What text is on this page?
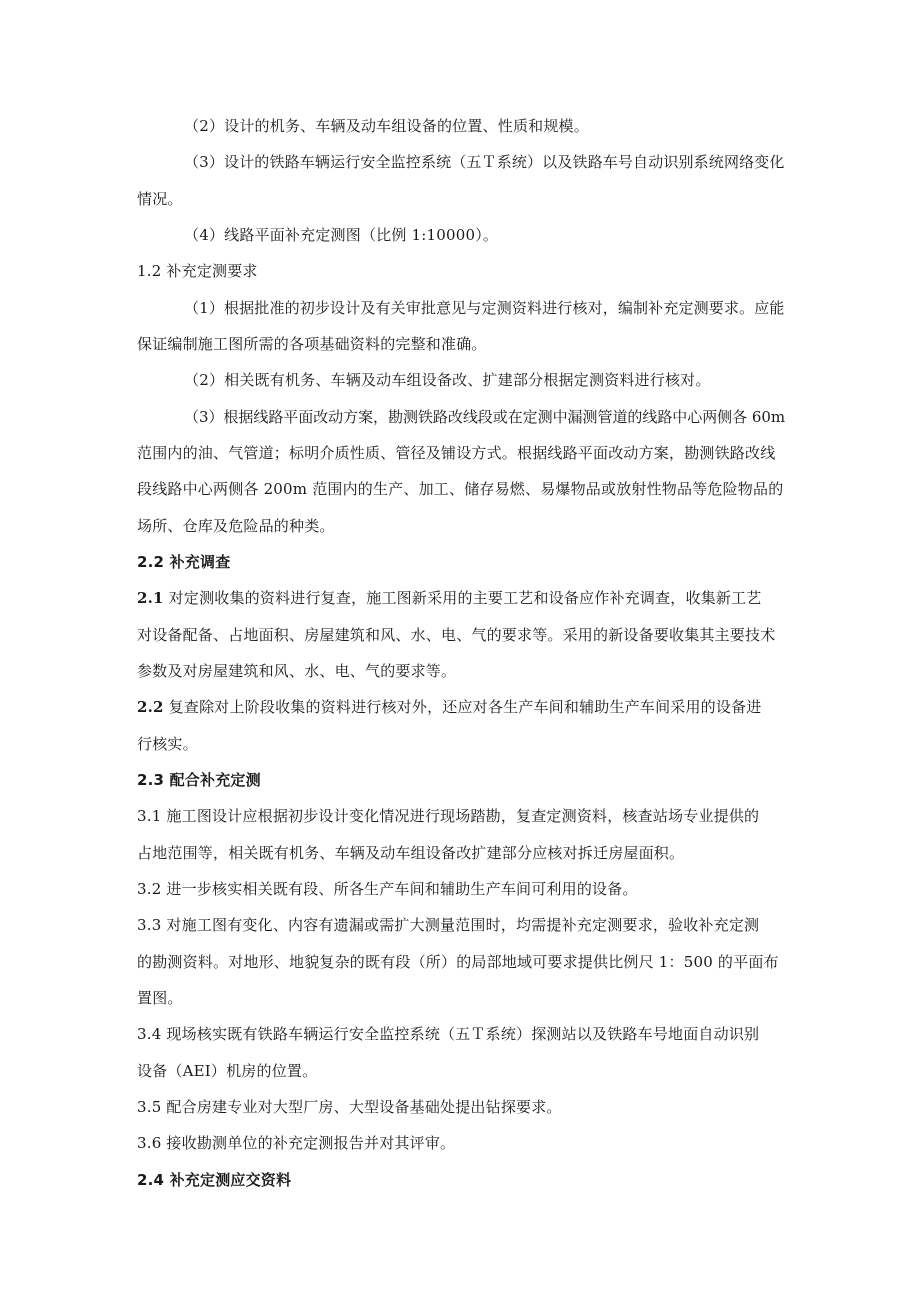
（2）设计的机务、车辆及动车组设备的位置、性质和规模。
（3）设计的铁路车辆运行安全监控系统（五Ｔ系统）以及铁路车号自动识别系统网络变化
情况。
（4）线路平面补充定测图（比例 1:10000）。
1.2 补充定测要求
（1）根据批准的初步设计及有关审批意见与定测资料进行核对，编制补充定测要求。应能
保证编制施工图所需的各项基础资料的完整和准确。
（2）相关既有机务、车辆及动车组设备改、扩建部分根据定测资料进行核对。
（3）根据线路平面改动方案，勘测铁路改线段或在定测中漏测管道的线路中心两侧各 60m
范围内的油、气管道；标明介质性质、管径及铺设方式。根据线路平面改动方案，勘测铁路改线
段线路中心两侧各 200m 范围内的生产、加工、储存易燃、易爆物品或放射性物品等危险物品的
场所、仓库及危险品的种类。
2.2 补充调查
2.1 对定测收集的资料进行复查，施工图新采用的主要工艺和设备应作补充调查，收集新工艺
对设备配备、占地面积、房屋建筑和风、水、电、气的要求等。采用的新设备要收集其主要技术
参数及对房屋建筑和风、水、电、气的要求等。
2.2 复查除对上阶段收集的资料进行核对外，还应对各生产车间和辅助生产车间采用的设备进
行核实。
2.3 配合补充定测
3.1 施工图设计应根据初步设计变化情况进行现场踏勘，复查定测资料，核查站场专业提供的
占地范围等，相关既有机务、车辆及动车组设备改扩建部分应核对拆迁房屋面积。
3.2 进一步核实相关既有段、所各生产车间和辅助生产车间可利用的设备。
3.3 对施工图有变化、内容有遗漏或需扩大测量范围时，均需提补充定测要求，验收补充定测
的勘测资料。对地形、地貌复杂的既有段（所）的局部地域可要求提供比例尺 1：500 的平面布
置图。
3.4 现场核实既有铁路车辆运行安全监控系统（五Ｔ系统）探测站以及铁路车号地面自动识别
设备（AEI）机房的位置。
3.5 配合房建专业对大型厂房、大型设备基础处提出钻探要求。
3.6 接收勘测单位的补充定测报告并对其评审。
2.4 补充定测应交资料
